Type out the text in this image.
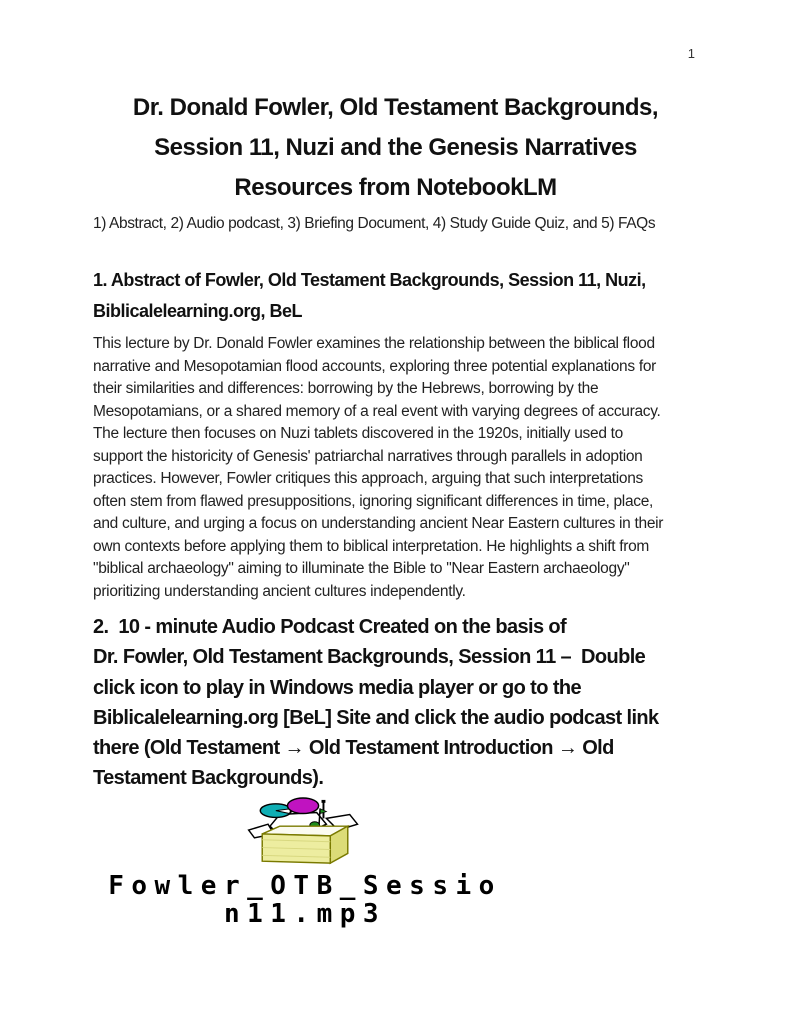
1
Dr. Donald Fowler, Old Testament Backgrounds,
Session 11, Nuzi and the Genesis Narratives
Resources from NotebookLM
1) Abstract, 2) Audio podcast, 3) Briefing Document, 4) Study Guide Quiz, and 5) FAQs
1. Abstract of Fowler, Old Testament Backgrounds, Session 11, Nuzi,
Biblicalelearning.org, BeL
This lecture by Dr. Donald Fowler examines the relationship between the biblical flood
narrative and Mesopotamian flood accounts, exploring three potential explanations for
their similarities and differences: borrowing by the Hebrews, borrowing by the
Mesopotamians, or a shared memory of a real event with varying degrees of accuracy.
The lecture then focuses on Nuzi tablets discovered in the 1920s, initially used to
support the historicity of Genesis' patriarchal narratives through parallels in adoption
practices. However, Fowler critiques this approach, arguing that such interpretations
often stem from flawed presuppositions, ignoring significant differences in time, place,
and culture, and urging a focus on understanding ancient Near Eastern cultures in their
own contexts before applying them to biblical interpretation. He highlights a shift from
"biblical archaeology" aiming to illuminate the Bible to "Near Eastern archaeology"
prioritizing understanding ancient cultures independently.
2.  10 - minute Audio Podcast Created on the basis of
Dr. Fowler, Old Testament Backgrounds, Session 11 –  Double
click icon to play in Windows media player or go to the
Biblicalelearning.org [BeL] Site and click the audio podcast link
there (Old Testament → Old Testament Introduction → Old
Testament Backgrounds).
Fowler_OTB_Sessio
n11.mp3
